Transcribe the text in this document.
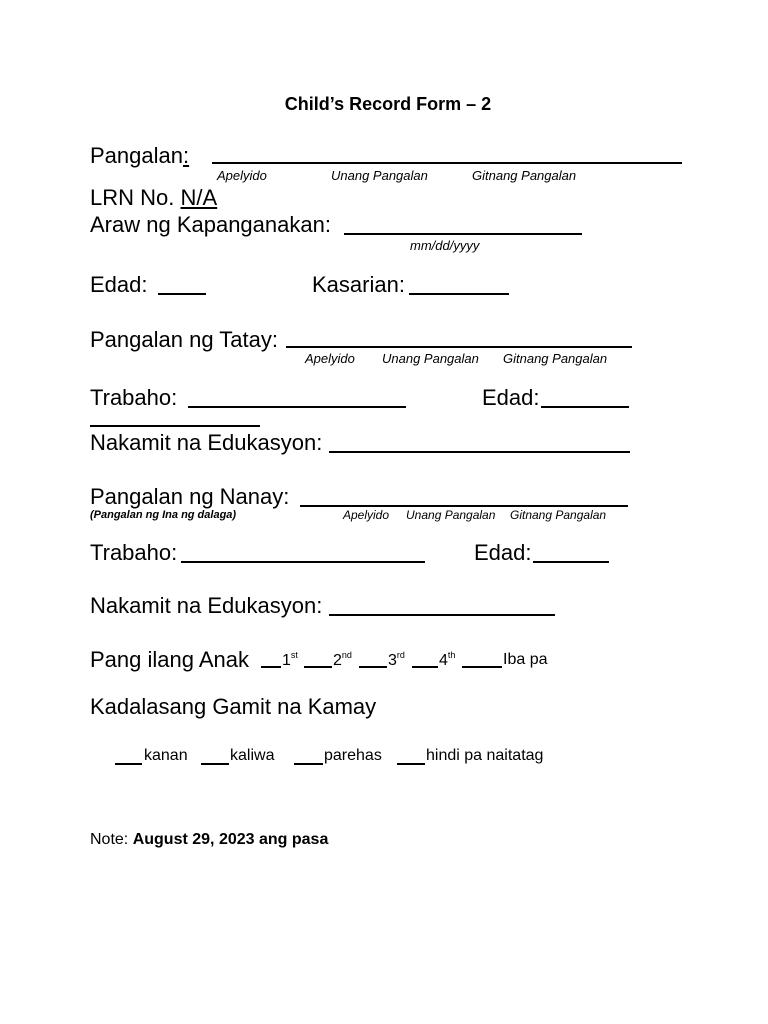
Child’s Record Form – 2
Pangalan:
Apelyido	Unang Pangalan	Gitnang Pangalan
LRN No. N/A
Araw ng Kapanganakan:
mm/dd/yyyy
Edad:	Kasarian:
Pangalan ng Tatay:
Apelyido Unang Pangalan Gitnang Pangalan
Trabaho:	Edad:
Nakamit na Edukasyon:
Pangalan ng Nanay:
(Pangalan ng Ina ng dalaga)	Apelyido Unang Pangalan Gitnang Pangalan
Trabaho:	Edad:
Nakamit na Edukasyon:
Pang ilang Anak 1st 2nd 3rd 4th	Iba pa
Kadalasang Gamit na Kamay
kanan	kaliwa	parehas	hindi pa naitatag
Note: August 29, 2023 ang pasa
